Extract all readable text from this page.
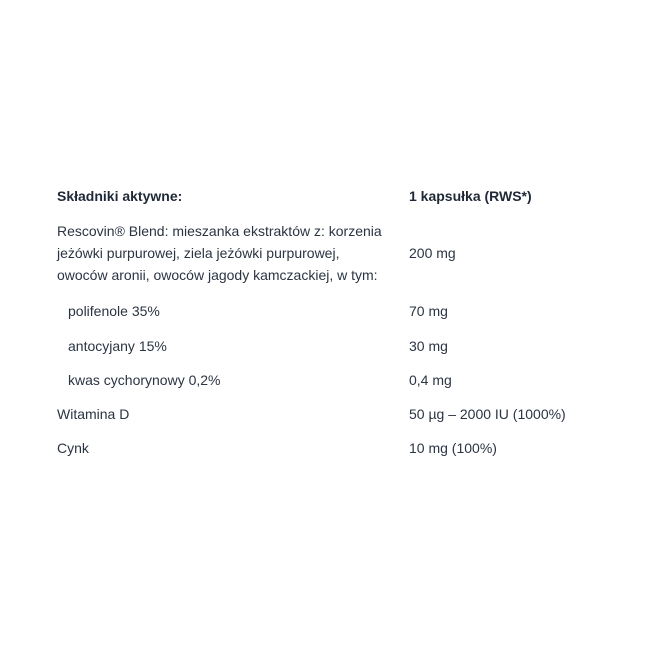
Składniki aktywne:	1 kapsułka (RWS*)
Rescovin® Blend: mieszanka ekstraktów z: korzenia
jeżówki purpurowej, ziela jeżówki purpurowej,
owoców aronii, owoców jagody kamczackiej, w tym:
200 mg
polifenole 35%	70 mg
antocyjany 15%	30 mg
kwas cychorynowy 0,2%	0,4 mg
Witamina D	50 µg – 2000 IU (1000%)
Cynk	10 mg (100%)
